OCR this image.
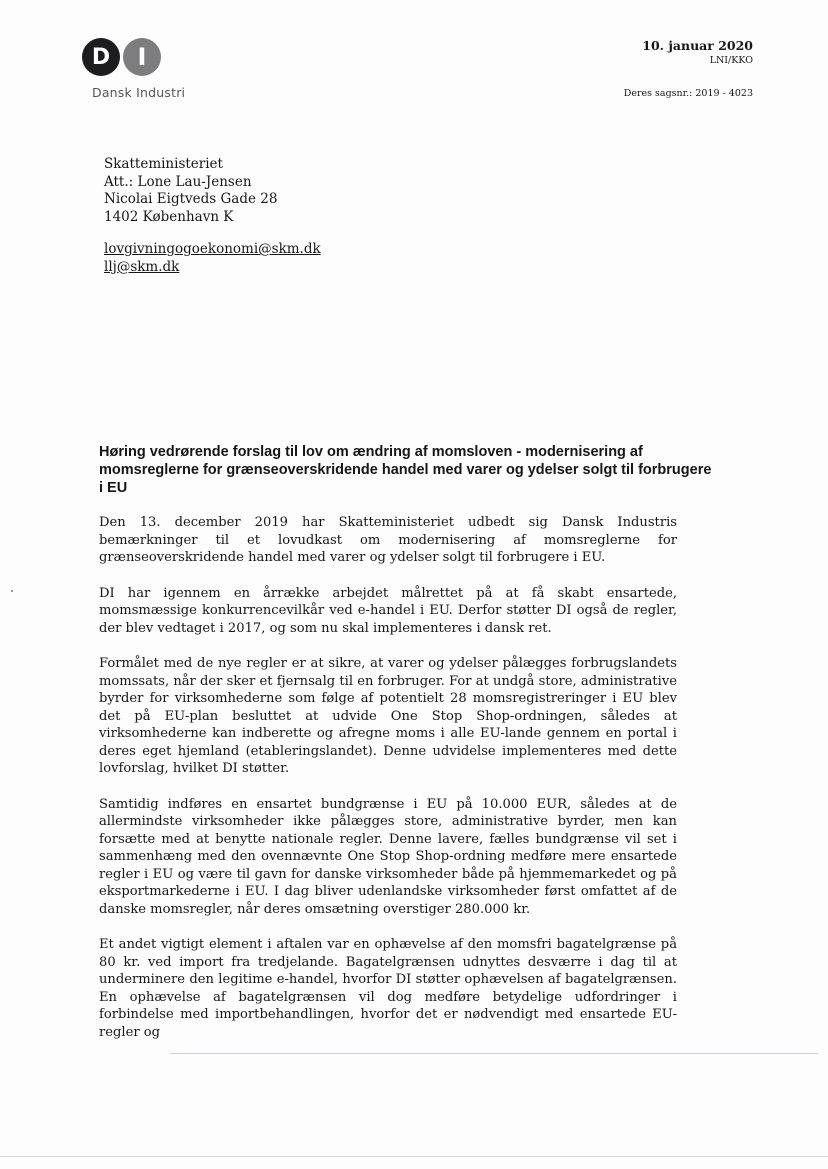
D	I
Dansk Industri
10. januar 2020
LNI/KKO
Deres sagsnr.: 2019 - 4023
Skatteministeriet
Att.: Lone Lau-Jensen
Nicolai Eigtveds Gade 28
1402 København K
lovgivningogoekonomi@skm.dk
llj@skm.dk
Høring vedrørende forslag til lov om ændring af momsloven - modernisering af momsreglerne for grænseoverskridende handel med varer og ydelser solgt til forbrugere i EU

Den 13. december 2019 har Skatteministeriet udbedt sig Dansk Industris bemærkninger til et lovudkast om modernisering af momsreglerne for grænseoverskridende handel med varer og ydelser solgt til forbrugere i EU.

DI har igennem en årrække arbejdet målrettet på at få skabt ensartede, momsmæssige konkurrencevilkår ved e-handel i EU. Derfor støtter DI også de regler, der blev vedtaget i 2017, og som nu skal implementeres i dansk ret.

Formålet med de nye regler er at sikre, at varer og ydelser pålægges forbrugslandets momssats, når der sker et fjernsalg til en forbruger. For at undgå store, administrative byrder for virksomhederne som følge af potentielt 28 momsregistreringer i EU blev det på EU-plan besluttet at udvide One Stop Shop-ordningen, således at virksomhederne kan indberette og afregne moms i alle EU-lande gennem en portal i deres eget hjemland (etableringslandet). Denne udvidelse implementeres med dette lovforslag, hvilket DI støtter.

Samtidig indføres en ensartet bundgrænse i EU på 10.000 EUR, således at de allermindste virksomheder ikke pålægges store, administrative byrder, men kan forsætte med at benytte nationale regler. Denne lavere, fælles bundgrænse vil set i sammenhæng med den ovennævnte One Stop Shop-ordning medføre mere ensartede regler i EU og være til gavn for danske virksomheder både på hjemmemarkedet og på eksportmarkederne i EU. I dag bliver udenlandske virksomheder først omfattet af de danske momsregler, når deres omsætning overstiger 280.000 kr.

Et andet vigtigt element i aftalen var en ophævelse af den momsfri bagatelgrænse på 80 kr. ved import fra tredjelande. Bagatelgrænsen udnyttes desværre i dag til at underminere den legitime e-handel, hvorfor DI støtter ophævelsen af bagatelgrænsen. En ophævelse af bagatelgrænsen vil dog medføre betydelige udfordringer i forbindelse med importbehandlingen, hvorfor det er nødvendigt med ensartede EU-regler og
